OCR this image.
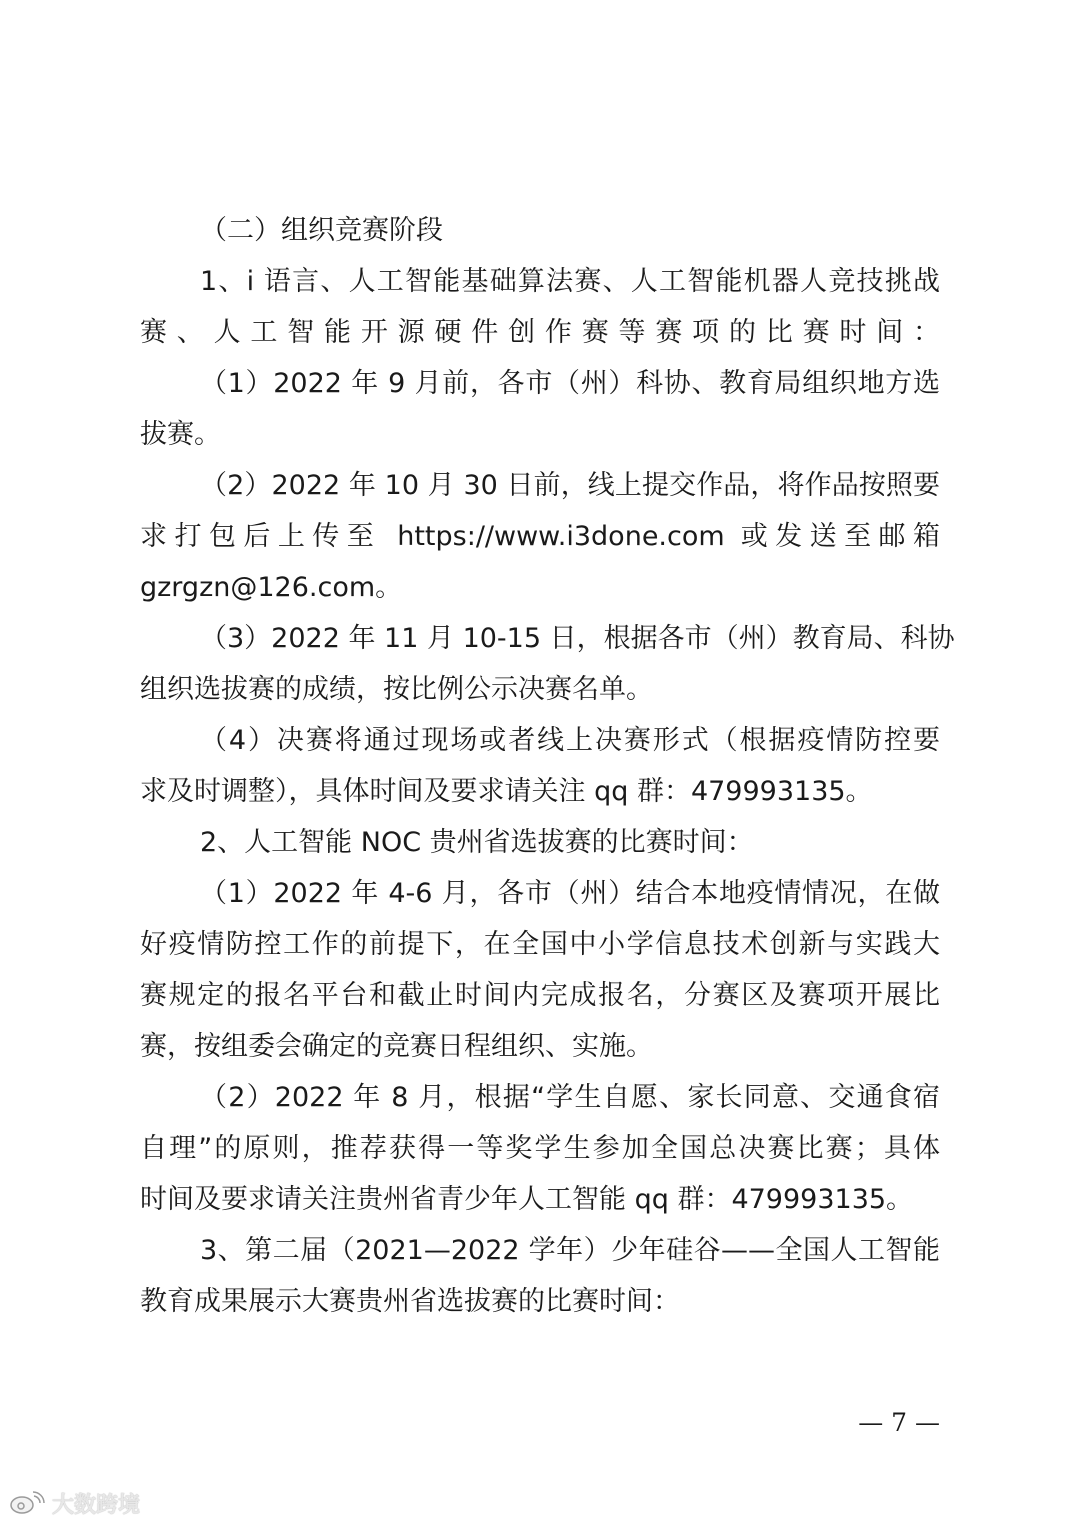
（二）组织竞赛阶段
1、i 语言、人工智能基础算法赛、人工智能机器人竞技挑战
赛、人工智能开源硬件创作赛等赛项的比赛时间：
（1）2022 年 9 月前，各市（州）科协、教育局组织地方选
拔赛。
（2）2022 年 10 月 30 日前，线上提交作品，将作品按照要
求打包后上传至 https://www.i3done.com 或发送至邮箱
gzrgzn@126.com。
（3）2022 年 11 月 10-15 日，根据各市（州）教育局、科协
组织选拔赛的成绩，按比例公示决赛名单。
（4）决赛将通过现场或者线上决赛形式（根据疫情防控要
求及时调整），具体时间及要求请关注 qq 群：479993135。
2、人工智能 NOC 贵州省选拔赛的比赛时间：
（1）2022 年 4-6 月，各市（州）结合本地疫情情况，在做
好疫情防控工作的前提下，在全国中小学信息技术创新与实践大
赛规定的报名平台和截止时间内完成报名，分赛区及赛项开展比
赛，按组委会确定的竞赛日程组织、实施。
（2）2022 年 8 月，根据“学生自愿、家长同意、交通食宿
自理”的原则，推荐获得一等奖学生参加全国总决赛比赛；具体
时间及要求请关注贵州省青少年人工智能 qq 群：479993135。
3、第二届（2021—2022 学年）少年硅谷——全国人工智能
教育成果展示大赛贵州省选拔赛的比赛时间：
— 7 —
大数跨境
